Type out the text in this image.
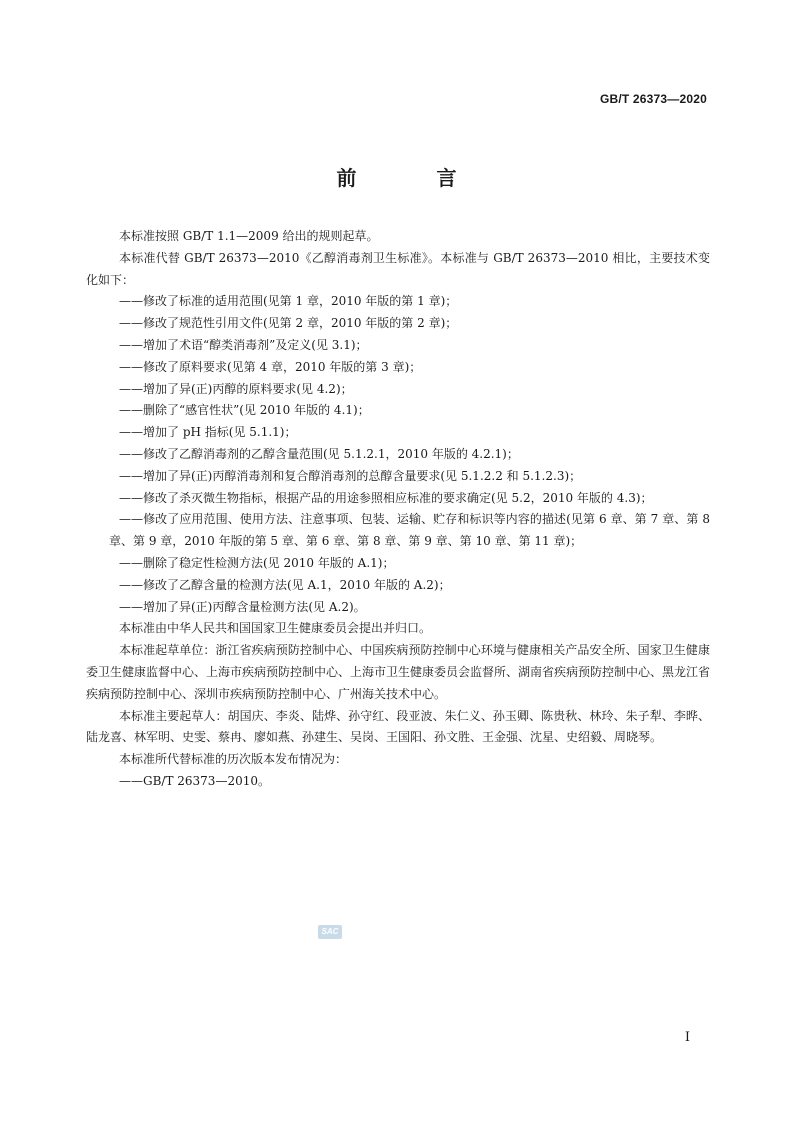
GB/T 26373—2020
前　言

本标准按照 GB/T 1.1—2009 给出的规则起草。

本标准代替 GB/T 26373—2010《乙醇消毒剂卫生标准》。本标准与 GB/T 26373—2010 相比，主要技术变化如下：

——修改了标准的适用范围(见第 1 章，2010 年版的第 1 章)；

——修改了规范性引用文件(见第 2 章，2010 年版的第 2 章)；

——增加了术语“醇类消毒剂”及定义(见 3.1)；

——修改了原料要求(见第 4 章，2010 年版的第 3 章)；

——增加了异(正)丙醇的原料要求(见 4.2)；

——删除了“感官性状”(见 2010 年版的 4.1)；

——增加了 pH 指标(见 5.1.1)；

——修改了乙醇消毒剂的乙醇含量范围(见 5.1.2.1，2010 年版的 4.2.1)；

——增加了异(正)丙醇消毒剂和复合醇消毒剂的总醇含量要求(见 5.1.2.2 和 5.1.2.3)；

——修改了杀灭微生物指标，根据产品的用途参照相应标准的要求确定(见 5.2，2010 年版的 4.3)；

——修改了应用范围、使用方法、注意事项、包装、运输、贮存和标识等内容的描述(见第 6 章、第 7 章、第 8 章、第 9 章，2010 年版的第 5 章、第 6 章、第 8 章、第 9 章、第 10 章、第 11 章)；

——删除了稳定性检测方法(见 2010 年版的 A.1)；

——修改了乙醇含量的检测方法(见 A.1，2010 年版的 A.2)；

——增加了异(正)丙醇含量检测方法(见 A.2)。

本标准由中华人民共和国国家卫生健康委员会提出并归口。

本标准起草单位：浙江省疾病预防控制中心、中国疾病预防控制中心环境与健康相关产品安全所、国家卫生健康委卫生健康监督中心、上海市疾病预防控制中心、上海市卫生健康委员会监督所、湖南省疾病预防控制中心、黑龙江省疾病预防控制中心、深圳市疾病预防控制中心、广州海关技术中心。

本标准主要起草人：胡国庆、李炎、陆烨、孙守红、段亚波、朱仁义、孙玉卿、陈贵秋、林玲、朱子犁、李晔、陆龙喜、林军明、史雯、蔡冉、廖如燕、孙建生、吴岗、王国阳、孙文胜、王金强、沈星、史绍毅、周晓琴。

本标准所代替标准的历次版本发布情况为：

——GB/T 26373—2010。

SAC
I
